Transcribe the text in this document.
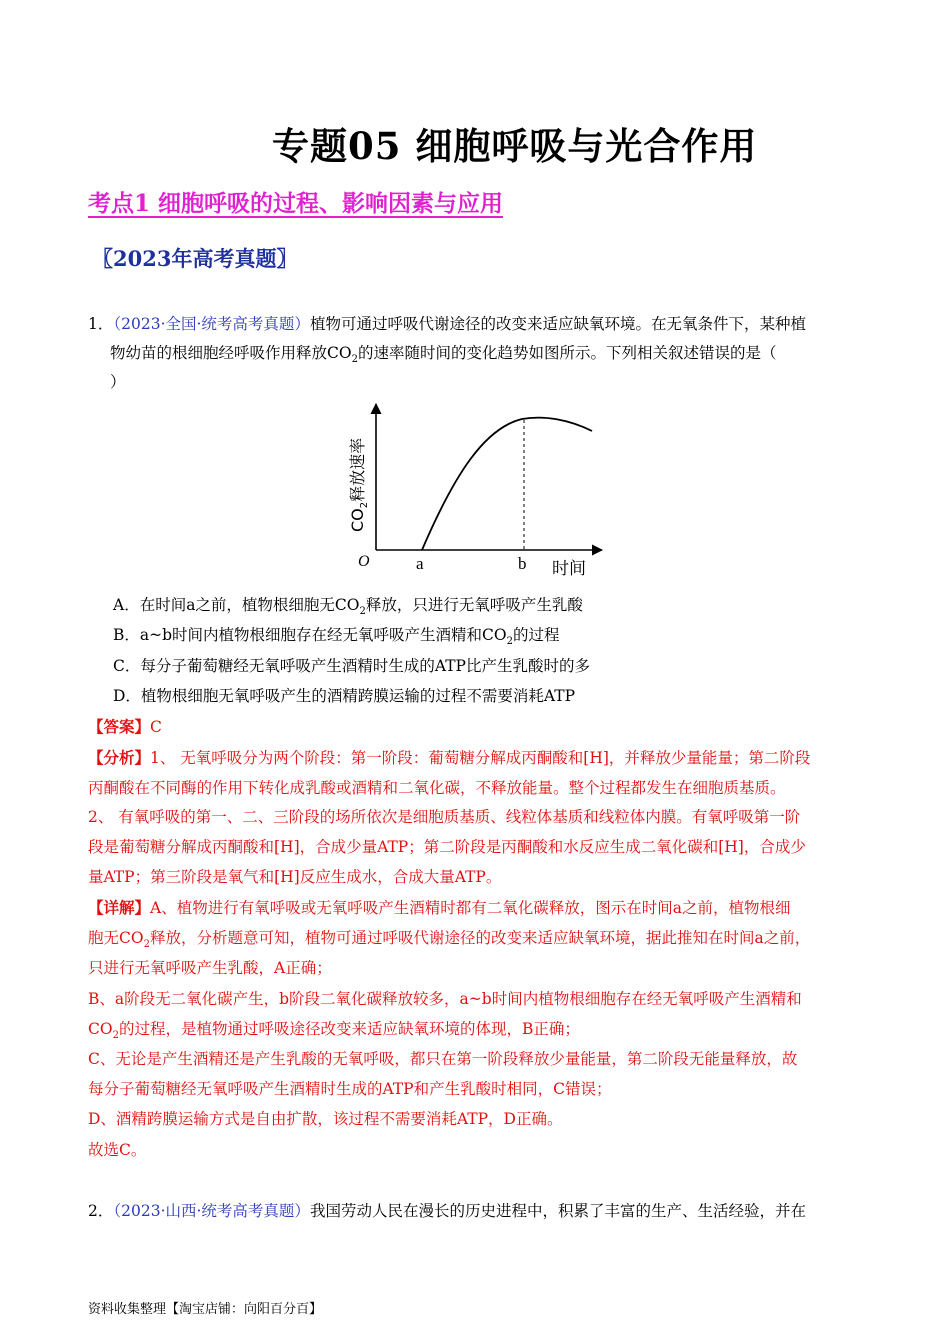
专题05 细胞呼吸与光合作用
考点1 细胞呼吸的过程、影响因素与应用
〖2023年高考真题〗
1．（2023·全国·统考高考真题）植物可通过呼吸代谢途径的改变来适应缺氧环境。在无氧条件下，某种植
物幼苗的根细胞经呼吸作用释放$CO_2$的速率随时间的变化趋势如图所示。下列相关叙述错误的是（
）
O	a	b 时间
$CO_2$释放速率
A．在时间a之前，植物根细胞无$CO_2$释放，只进行无氧呼吸产生乳酸
B．a~b时间内植物根细胞存在经无氧呼吸产生酒精和$CO_2$的过程
C．每分子葡萄糖经无氧呼吸产生酒精时生成的ATP比产生乳酸时的多
D．植物根细胞无氧呼吸产生的酒精跨膜运输的过程不需要消耗ATP
【答案】C
【分析】1、 无氧呼吸分为两个阶段：第一阶段：葡萄糖分解成丙酮酸和[H]，并释放少量能量；第二阶段
丙酮酸在不同酶的作用下转化成乳酸或酒精和二氧化碳，不释放能量。整个过程都发生在细胞质基质。
2、 有氧呼吸的第一、二、三阶段的场所依次是细胞质基质、线粒体基质和线粒体内膜。有氧呼吸第一阶
段是葡萄糖分解成丙酮酸和[H]，合成少量ATP；第二阶段是丙酮酸和水反应生成二氧化碳和[H]，合成少
量ATP；第三阶段是氧气和[H]反应生成水，合成大量ATP。
【详解】A、植物进行有氧呼吸或无氧呼吸产生酒精时都有二氧化碳释放，图示在时间a之前，植物根细
胞无$CO_2$释放，分析题意可知，植物可通过呼吸代谢途径的改变来适应缺氧环境，据此推知在时间a之前，
只进行无氧呼吸产生乳酸，A正确；
B、a阶段无二氧化碳产生，b阶段二氧化碳释放较多，a~b时间内植物根细胞存在经无氧呼吸产生酒精和
$CO_2$的过程，是植物通过呼吸途径改变来适应缺氧环境的体现，B正确；
C、无论是产生酒精还是产生乳酸的无氧呼吸，都只在第一阶段释放少量能量，第二阶段无能量释放，故
每分子葡萄糖经无氧呼吸产生酒精时生成的ATP和产生乳酸时相同，C错误；
D、酒精跨膜运输方式是自由扩散，该过程不需要消耗ATP，D正确。
故选C。
2．（2023·山西·统考高考真题）我国劳动人民在漫长的历史进程中，积累了丰富的生产、生活经验，并在
资料收集整理【淘宝店铺：向阳百分百】
